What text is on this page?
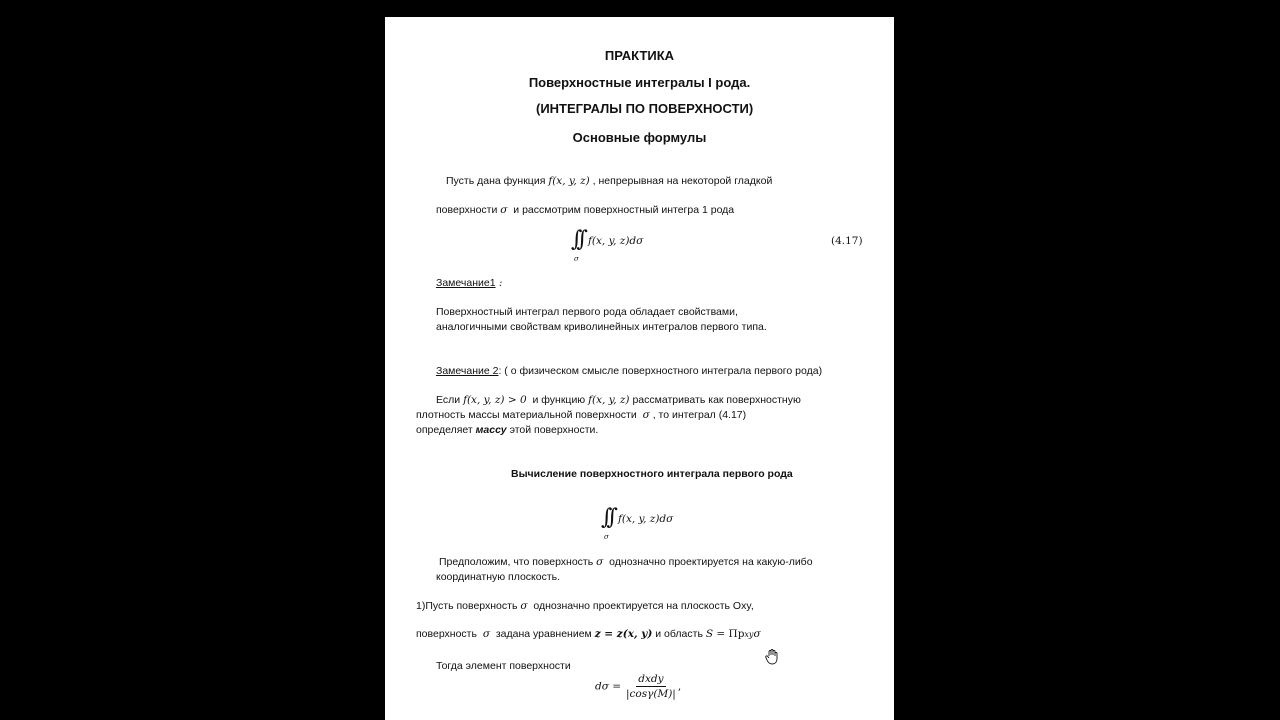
ПРАКТИКА
Поверхностные интегралы I рода.
(ИНТЕГРАЛЫ ПО ПОВЕРХНОСТИ)
Основные формулы
Пусть дана функция f(x, y, z) , непрерывная на некоторой гладкой
поверхности σ и рассмотрим поверхностный интегра 1 рода
∫∫ f(x, y, z)dσ
σ
(4.17)
Замечание1 :
Поверхностный интеграл первого рода обладает свойствами,
аналогичными свойствам криволинейных интегралов первого типа.
Замечание 2: ( о физическом смысле поверхностного интеграла первого рода)
Если f(x, y, z) > 0 и функцию f(x, y, z) рассматривать как поверхностную
плотность массы материальной поверхности σ , то интеграл (4.17)
определяет массу этой поверхности.
Вычисление поверхностного интеграла первого рода
∫∫ f(x, y, z)dσ
σ
Предположим, что поверхность σ однозначно проектируется на какую-либо
координатную плоскость.
1)Пусть поверхность σ однозначно проектируется на плоскость Oxy,
поверхность σ задана уравнением z = z(x, y) и область S = Прxyσ
Тогда элемент поверхности
$d\sigma = \frac{\text{dxdy}}{|\cos\gamma(M)|}$ ,
